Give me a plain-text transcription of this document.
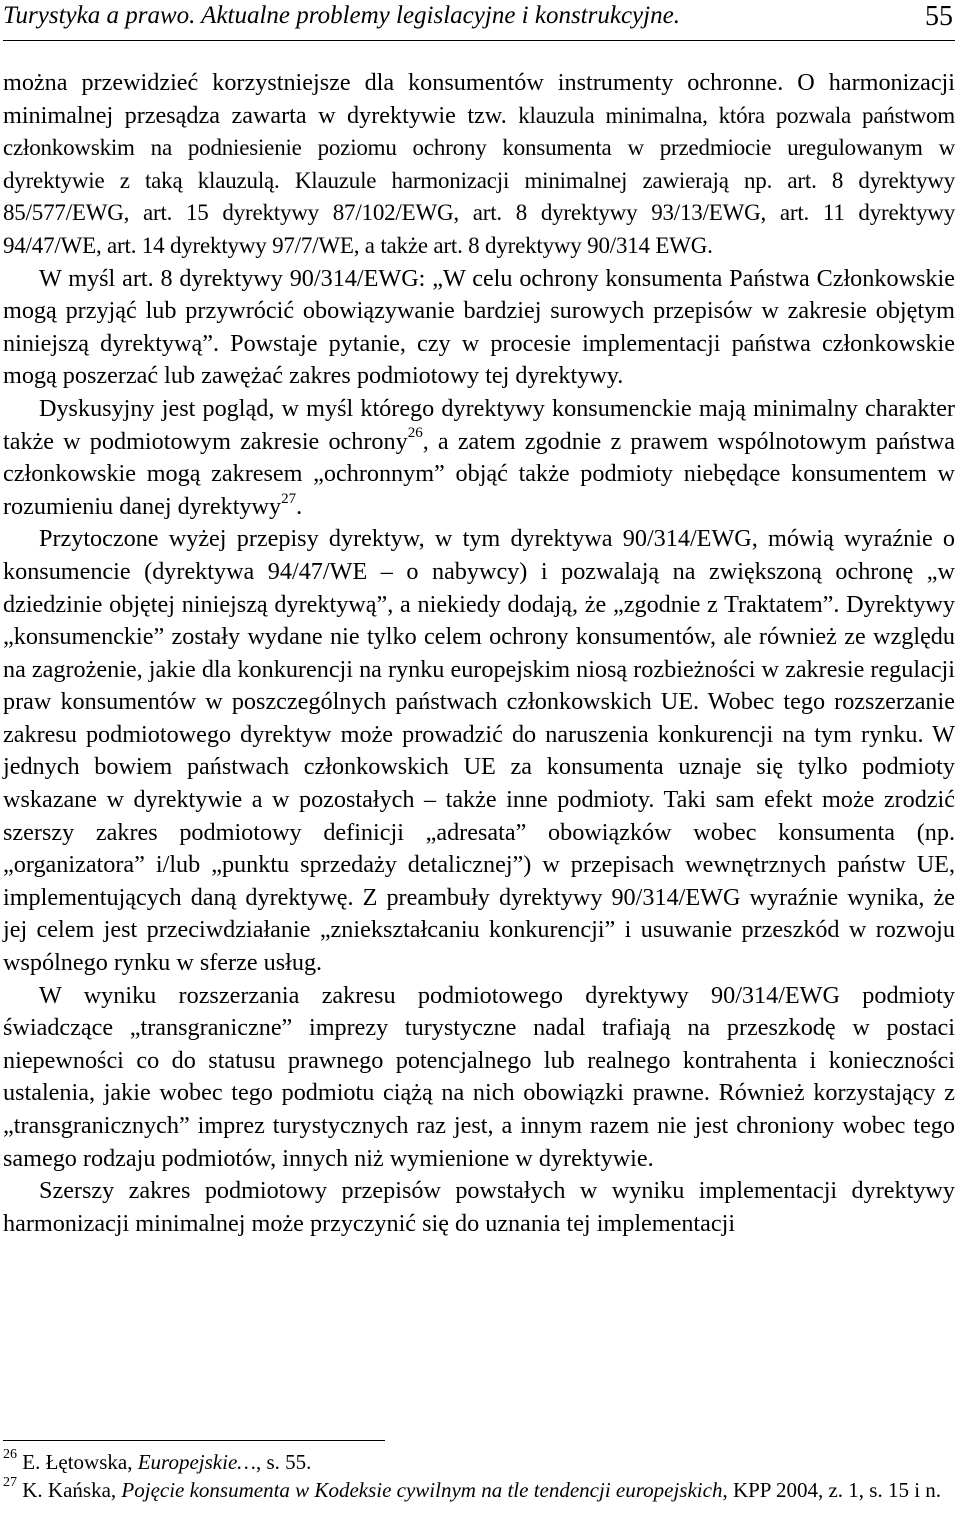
Turystyka a prawo. Aktualne problemy legislacyjne i konstrukcyjne.	55

można przewidzieć korzystniejsze dla konsumentów instrumenty ochronne. O harmonizacji minimalnej przesądza zawarta w dyrektywie tzw. klauzula minimalna, która pozwala państwom członkowskim na podniesienie poziomu ochrony konsumenta w przedmiocie uregulowanym w dyrektywie z taką klauzulą. Klauzule harmonizacji minimalnej zawierają np. art. 8 dyrektywy 85/577/EWG, art. 15 dyrektywy 87/102/EWG, art. 8 dyrektywy 93/13/EWG, art. 11 dyrektywy 94/47/WE, art. 14 dyrektywy 97/7/WE, a także art. 8 dyrektywy 90/314 EWG.

W myśl art. 8 dyrektywy 90/314/EWG: „W celu ochrony konsumenta Państwa Członkowskie mogą przyjąć lub przywrócić obowiązywanie bardziej surowych przepisów w zakresie objętym niniejszą dyrektywą”. Powstaje pytanie, czy w procesie implementacji państwa członkowskie mogą poszerzać lub zawężać zakres podmiotowy tej dyrektywy.

Dyskusyjny jest pogląd, w myśl którego dyrektywy konsumenckie mają minimalny charakter także w podmiotowym zakresie ochrony$^{26}$, a zatem zgodnie z prawem wspólnotowym państwa członkowskie mogą zakresem „ochronnym” objąć także podmioty niebędące konsumentem w rozumieniu danej dyrektywy$^{27}$.

Przytoczone wyżej przepisy dyrektyw, w tym dyrektywa 90/314/EWG, mówią wyraźnie o konsumencie (dyrektywa 94/47/WE – o nabywcy) i pozwalają na zwiększoną ochronę „w dziedzinie objętej niniejszą dyrektywą”, a niekiedy dodają, że „zgodnie z Traktatem”. Dyrektywy „konsumenckie” zostały wydane nie tylko celem ochrony konsumentów, ale również ze względu na zagrożenie, jakie dla konkurencji na rynku europejskim niosą rozbieżności w zakresie regulacji praw konsumentów w poszczególnych państwach członkowskich UE. Wobec tego rozszerzanie zakresu podmiotowego dyrektyw może prowadzić do naruszenia konkurencji na tym rynku. W jednych bowiem państwach członkowskich UE za konsumenta uznaje się tylko podmioty wskazane w dyrektywie a w pozostałych – także inne podmioty. Taki sam efekt może zrodzić szerszy zakres podmiotowy definicji „adresata” obowiązków wobec konsumenta (np. „organizatora” i/lub „punktu sprzedaży detalicznej”) w przepisach wewnętrznych państw UE, implementujących daną dyrektywę. Z preambuły dyrektywy 90/314/EWG wyraźnie wynika, że jej celem jest przeciwdziałanie „zniekształcaniu konkurencji” i usuwanie przeszkód w rozwoju wspólnego rynku w sferze usług.

W wyniku rozszerzania zakresu podmiotowego dyrektywy 90/314/EWG podmioty świadczące „transgraniczne” imprezy turystyczne nadal trafiają na przeszkodę w postaci niepewności co do statusu prawnego potencjalnego lub realnego kontrahenta i konieczności ustalenia, jakie wobec tego podmiotu ciążą na nich obowiązki prawne. Również korzystający z „transgranicznych” imprez turystycznych raz jest, a innym razem nie jest chroniony wobec tego samego rodzaju podmiotów, innych niż wymienione w dyrektywie.

Szerszy zakres podmiotowy przepisów powstałych w wyniku implementacji dyrektywy harmonizacji minimalnej może przyczynić się do uznania tej implementacji

$^{26}$ E. Łętowska, Europejskie…, s. 55.

$^{27}$ K. Kańska, Pojęcie konsumenta w Kodeksie cywilnym na tle tendencji europejskich, KPP 2004, z. 1, s. 15 i n.
